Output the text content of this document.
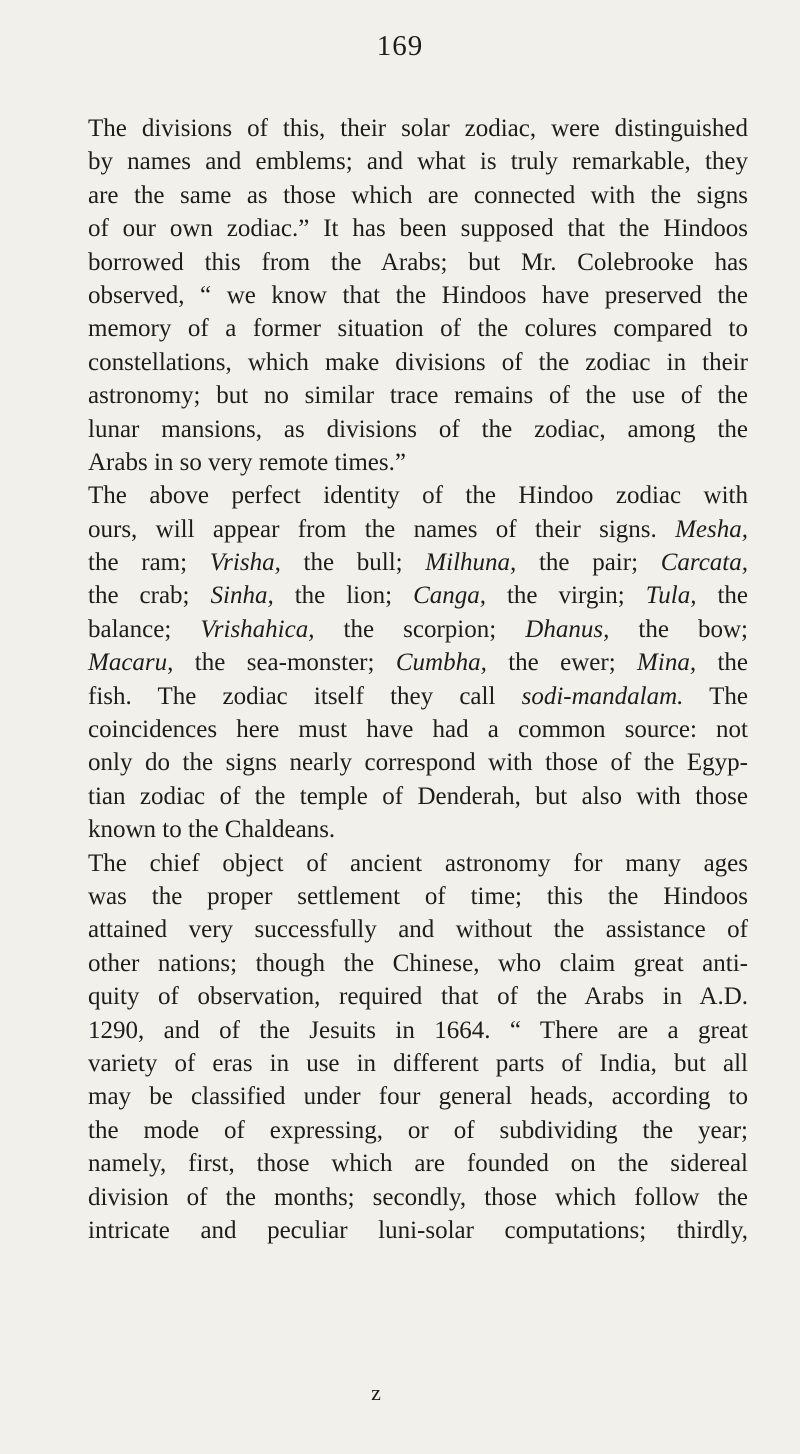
169
The divisions of this, their solar zodiac, were distinguished
by names and emblems; and what is truly remarkable, they
are the same as those which are connected with the signs
of our own zodiac.” It has been supposed that the Hindoos
borrowed this from the Arabs; but Mr. Colebrooke has
observed, “ we know that the Hindoos have preserved the
memory of a former situation of the colures compared to
constellations, which make divisions of the zodiac in their
astronomy; but no similar trace remains of the use of the
lunar mansions, as divisions of the zodiac, among the
Arabs in so very remote times.”
The above perfect identity of the Hindoo zodiac with
ours, will appear from the names of their signs. Mesha,
the ram; Vrisha, the bull; Milhuna, the pair; Carcata,
the crab; Sinha, the lion; Canga, the virgin; Tula, the
balance; Vrishahica, the scorpion; Dhanus, the bow;
Macaru, the sea-monster; Cumbha, the ewer; Mina, the
fish. The zodiac itself they call sodi-mandalam. The
coincidences here must have had a common source: not
only do the signs nearly correspond with those of the Egyp-
tian zodiac of the temple of Denderah, but also with those
known to the Chaldeans.
The chief object of ancient astronomy for many ages
was the proper settlement of time; this the Hindoos
attained very successfully and without the assistance of
other nations; though the Chinese, who claim great anti-
quity of observation, required that of the Arabs in A.D.
1290, and of the Jesuits in 1664. “ There are a great
variety of eras in use in different parts of India, but all
may be classified under four general heads, according to
the mode of expressing, or of subdividing the year;
namely, first, those which are founded on the sidereal
division of the months; secondly, those which follow the
intricate and peculiar luni-solar computations; thirdly,
z
